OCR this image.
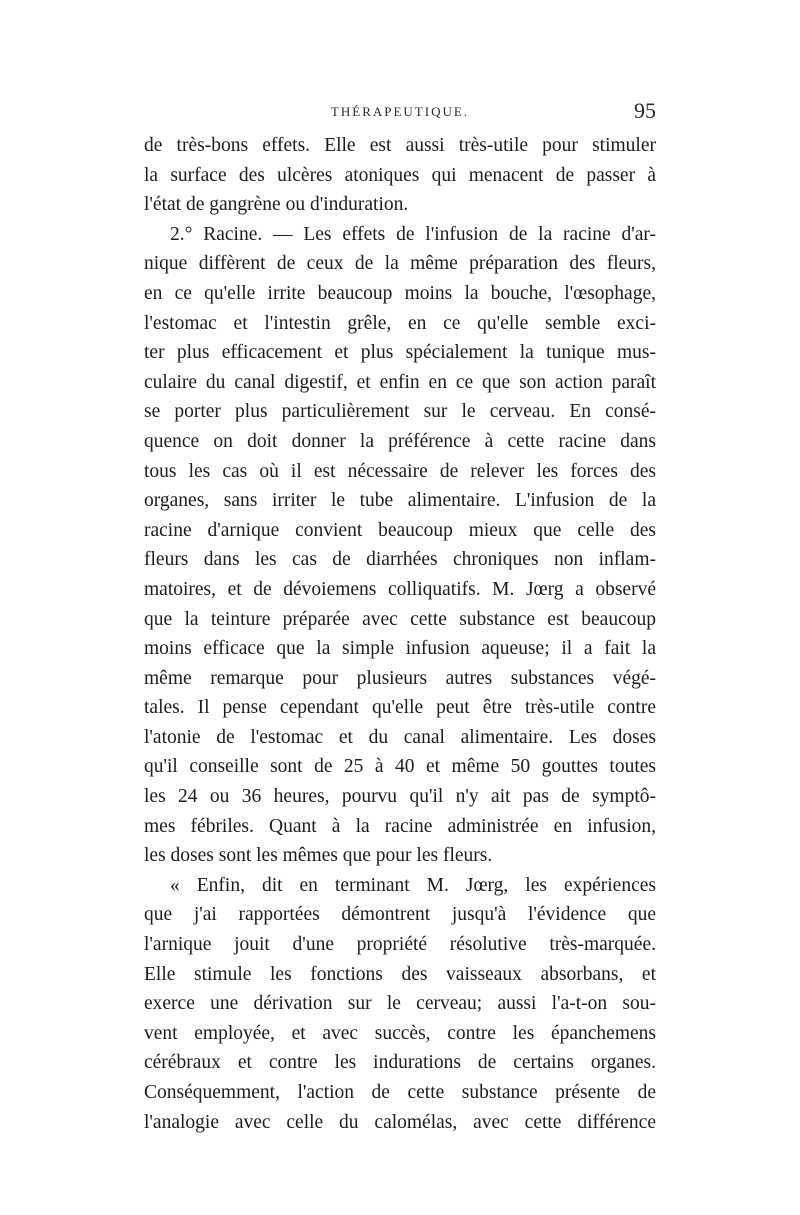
THÉRAPEUTIQUE.	95
de très-bons effets. Elle est aussi très-utile pour stimuler
la surface des ulcères atoniques qui menacent de passer à
l'état de gangrène ou d'induration.
2.° Racine. — Les effets de l'infusion de la racine d'ar-
nique diffèrent de ceux de la même préparation des fleurs,
en ce qu'elle irrite beaucoup moins la bouche, l'œsophage,
l'estomac et l'intestin grêle, en ce qu'elle semble exci-
ter plus efficacement et plus spécialement la tunique mus-
culaire du canal digestif, et enfin en ce que son action paraît
se porter plus particulièrement sur le cerveau. En consé-
quence on doit donner la préférence à cette racine dans
tous les cas où il est nécessaire de relever les forces des
organes, sans irriter le tube alimentaire. L'infusion de la
racine d'arnique convient beaucoup mieux que celle des
fleurs dans les cas de diarrhées chroniques non inflam-
matoires, et de dévoiemens colliquatifs. M. Jœrg a observé
que la teinture préparée avec cette substance est beaucoup
moins efficace que la simple infusion aqueuse; il a fait la
même remarque pour plusieurs autres substances végé-
tales. Il pense cependant qu'elle peut être très-utile contre
l'atonie de l'estomac et du canal alimentaire. Les doses
qu'il conseille sont de 25 à 40 et même 50 gouttes toutes
les 24 ou 36 heures, pourvu qu'il n'y ait pas de symptô-
mes fébriles. Quant à la racine administrée en infusion,
les doses sont les mêmes que pour les fleurs.
« Enfin, dit en terminant M. Jœrg, les expériences
que j'ai rapportées démontrent jusqu'à l'évidence que
l'arnique jouit d'une propriété résolutive très-marquée.
Elle stimule les fonctions des vaisseaux absorbans, et
exerce une dérivation sur le cerveau; aussi l'a-t-on sou-
vent employée, et avec succès, contre les épanchemens
cérébraux et contre les indurations de certains organes.
Conséquemment, l'action de cette substance présente de
l'analogie avec celle du calomélas, avec cette différence
